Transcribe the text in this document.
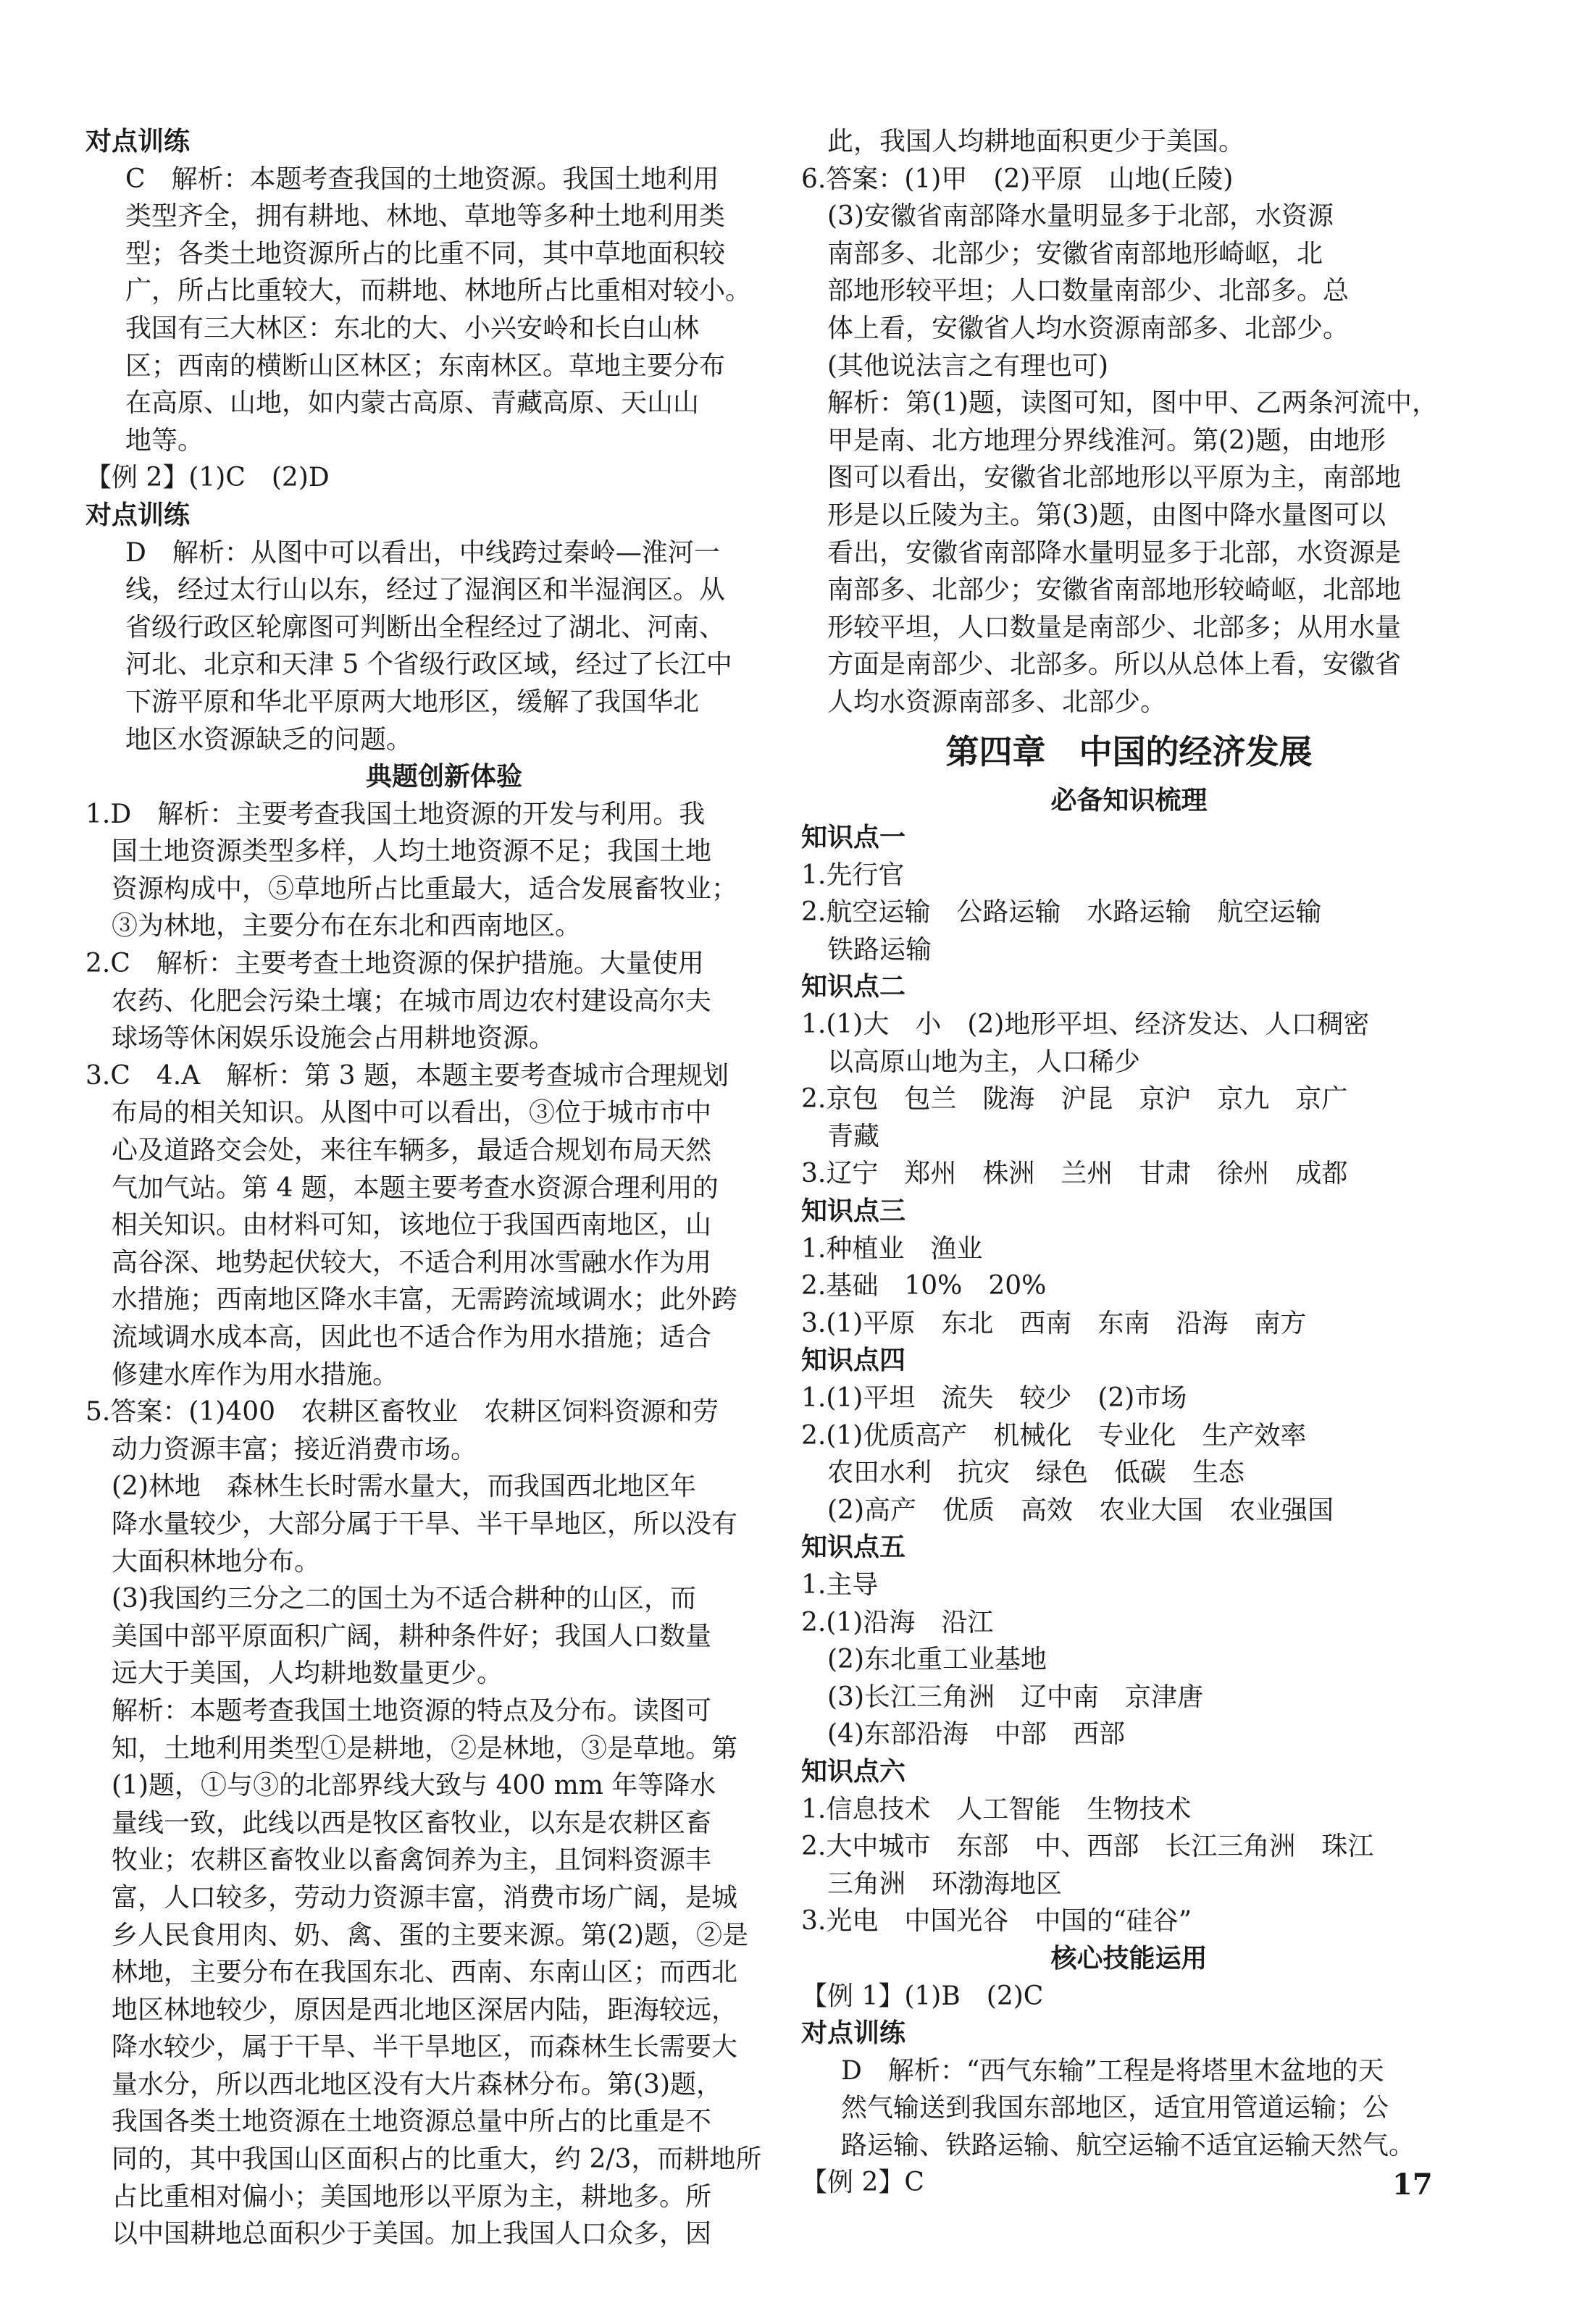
对点训练
C　解析：本题考查我国的土地资源。我国土地利用
类型齐全，拥有耕地、林地、草地等多种土地利用类
型；各类土地资源所占的比重不同，其中草地面积较
广，所占比重较大，而耕地、林地所占比重相对较小。
我国有三大林区：东北的大、小兴安岭和长白山林
区；西南的横断山区林区；东南林区。草地主要分布
在高原、山地，如内蒙古高原、青藏高原、天山山
地等。
【例 2】(1)C　(2)D
对点训练
D　解析：从图中可以看出，中线跨过秦岭—淮河一
线，经过太行山以东，经过了湿润区和半湿润区。从
省级行政区轮廓图可判断出全程经过了湖北、河南、
河北、北京和天津 5 个省级行政区域，经过了长江中
下游平原和华北平原两大地形区，缓解了我国华北
地区水资源缺乏的问题。
典题创新体验
1.D　解析：主要考查我国土地资源的开发与利用。我
国土地资源类型多样，人均土地资源不足；我国土地
资源构成中，⑤草地所占比重最大，适合发展畜牧业；
③为林地，主要分布在东北和西南地区。
2.C　解析：主要考查土地资源的保护措施。大量使用
农药、化肥会污染土壤；在城市周边农村建设高尔夫
球场等休闲娱乐设施会占用耕地资源。
3.C　4.A　解析：第 3 题，本题主要考查城市合理规划
布局的相关知识。从图中可以看出，③位于城市市中
心及道路交会处，来往车辆多，最适合规划布局天然
气加气站。第 4 题，本题主要考查水资源合理利用的
相关知识。由材料可知，该地位于我国西南地区，山
高谷深、地势起伏较大，不适合利用冰雪融水作为用
水措施；西南地区降水丰富，无需跨流域调水；此外跨
流域调水成本高，因此也不适合作为用水措施；适合
修建水库作为用水措施。
5.答案：(1)400　农耕区畜牧业　农耕区饲料资源和劳
动力资源丰富；接近消费市场。
(2)林地　森林生长时需水量大，而我国西北地区年
降水量较少，大部分属于干旱、半干旱地区，所以没有
大面积林地分布。
(3)我国约三分之二的国土为不适合耕种的山区，而
美国中部平原面积广阔，耕种条件好；我国人口数量
远大于美国，人均耕地数量更少。
解析：本题考查我国土地资源的特点及分布。读图可
知，土地利用类型①是耕地，②是林地，③是草地。第
(1)题，①与③的北部界线大致与 400 mm 年等降水
量线一致，此线以西是牧区畜牧业，以东是农耕区畜
牧业；农耕区畜牧业以畜禽饲养为主，且饲料资源丰
富，人口较多，劳动力资源丰富，消费市场广阔，是城
乡人民食用肉、奶、禽、蛋的主要来源。第(2)题，②是
林地，主要分布在我国东北、西南、东南山区；而西北
地区林地较少，原因是西北地区深居内陆，距海较远，
降水较少，属于干旱、半干旱地区，而森林生长需要大
量水分，所以西北地区没有大片森林分布。第(3)题，
我国各类土地资源在土地资源总量中所占的比重是不
同的，其中我国山区面积占的比重大，约 2/3，而耕地所
占比重相对偏小；美国地形以平原为主，耕地多。所
以中国耕地总面积少于美国。加上我国人口众多，因
此，我国人均耕地面积更少于美国。
6.答案：(1)甲　(2)平原　山地(丘陵)
(3)安徽省南部降水量明显多于北部，水资源
南部多、北部少；安徽省南部地形崎岖，北
部地形较平坦；人口数量南部少、北部多。总
体上看，安徽省人均水资源南部多、北部少。
(其他说法言之有理也可)
解析：第(1)题，读图可知，图中甲、乙两条河流中，
甲是南、北方地理分界线淮河。第(2)题，由地形
图可以看出，安徽省北部地形以平原为主，南部地
形是以丘陵为主。第(3)题，由图中降水量图可以
看出，安徽省南部降水量明显多于北部，水资源是
南部多、北部少；安徽省南部地形较崎岖，北部地
形较平坦，人口数量是南部少、北部多；从用水量
方面是南部少、北部多。所以从总体上看，安徽省
人均水资源南部多、北部少。
第四章　中国的经济发展
必备知识梳理
知识点一
1.先行官
2.航空运输　公路运输　水路运输　航空运输
铁路运输
知识点二
1.(1)大　小　(2)地形平坦、经济发达、人口稠密
以高原山地为主，人口稀少
2.京包　包兰　陇海　沪昆　京沪　京九　京广
青藏
3.辽宁　郑州　株洲　兰州　甘肃　徐州　成都
知识点三
1.种植业　渔业
2.基础　10%　20%
3.(1)平原　东北　西南　东南　沿海　南方
知识点四
1.(1)平坦　流失　较少　(2)市场
2.(1)优质高产　机械化　专业化　生产效率
农田水利　抗灾　绿色　低碳　生态
(2)高产　优质　高效　农业大国　农业强国
知识点五
1.主导
2.(1)沿海　沿江
(2)东北重工业基地
(3)长江三角洲　辽中南　京津唐
(4)东部沿海　中部　西部
知识点六
1.信息技术　人工智能　生物技术
2.大中城市　东部　中、西部　长江三角洲　珠江
三角洲　环渤海地区
3.光电　中国光谷　中国的“硅谷”
核心技能运用
【例 1】(1)B　(2)C
对点训练
D　解析：“西气东输”工程是将塔里木盆地的天
然气输送到我国东部地区，适宜用管道运输；公
路运输、铁路运输、航空运输不适宜运输天然气。
【例 2】C	17
